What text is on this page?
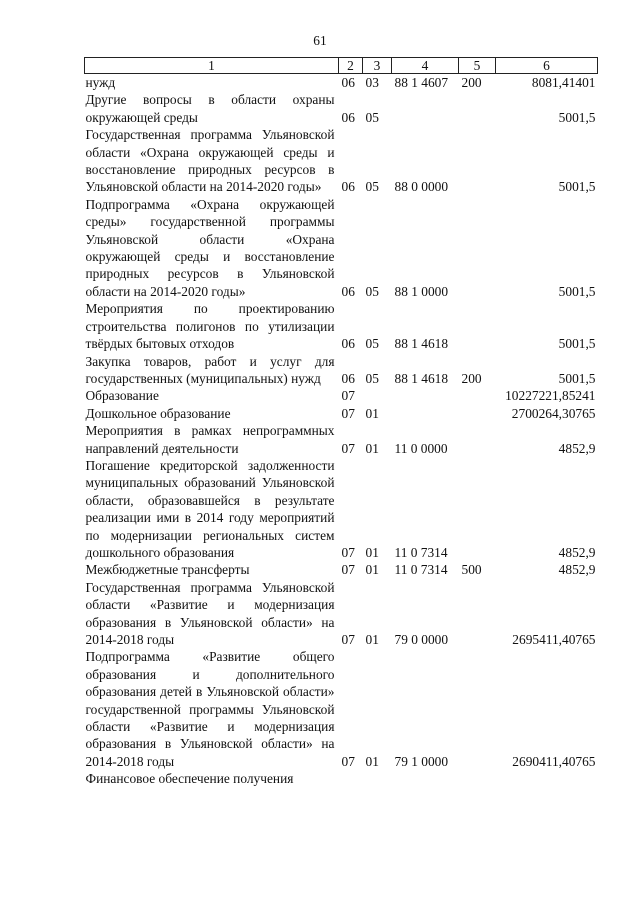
61
1	2	3	4	5	6
нужд	06	03	88 1 4607	200	8081,41401
Другие вопросы в области охраны окружающей среды	06	05			5001,5
Государственная программа Ульяновской области «Охрана окружающей среды и восстановление природных ресурсов в Ульяновской области на 2014-2020 годы»	06	05	88 0 0000		5001,5
Подпрограмма «Охрана окружающей среды» государственной программы Ульяновской области «Охрана окружающей среды и восстановление природных ресурсов в Ульяновской области на 2014-2020 годы»	06	05	88 1 0000		5001,5
Мероприятия по проектированию строительства полигонов по утилизации твёрдых бытовых отходов	06	05	88 1 4618		5001,5
Закупка товаров, работ и услуг для государственных (муниципальных) нужд	06	05	88 1 4618	200	5001,5
Образование	07				10227221,85241
Дошкольное образование	07	01			2700264,30765
Мероприятия в рамках непрограммных направлений деятельности	07	01	11 0 0000		4852,9
Погашение кредиторской задолженности муниципальных образований Ульяновской области, образовавшейся в результате реализации ими в 2014 году мероприятий по модернизации региональных систем дошкольного образования	07	01	11 0 7314		4852,9
Межбюджетные трансферты	07	01	11 0 7314	500	4852,9
Государственная программа Ульяновской области «Развитие и модернизация образования в Ульяновской области» на 2014-2018 годы	07	01	79 0 0000		2695411,40765
Подпрограмма «Развитие общего образования и дополнительного образования детей в Ульяновской области» государственной программы Ульяновской области «Развитие и модернизация образования в Ульяновской области» на 2014-2018 годы	07	01	79 1 0000		2690411,40765
Финансовое обеспечение получения					
